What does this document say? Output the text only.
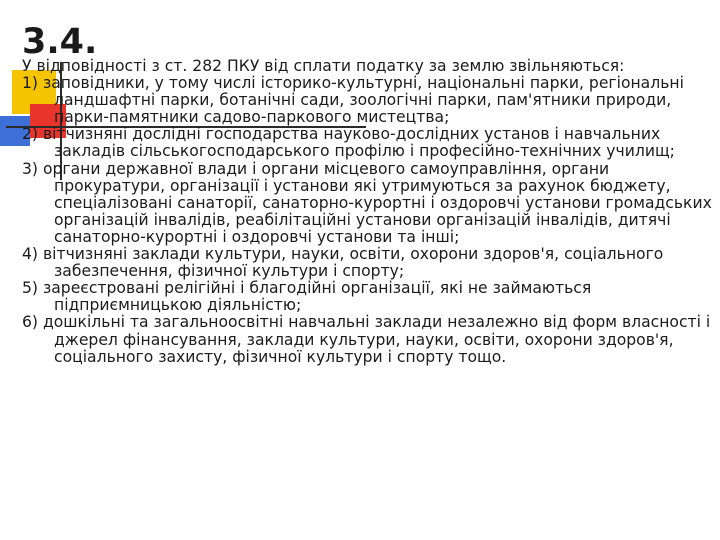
3.4.

У відповідності з ст. 282 ПКУ від сплати податку за землю звільняються:

1) заповідники, у тому числі історико-культурні, національні парки, регіональні ландшафтні парки, ботанічні сади, зоологічні парки, пам'ятники природи, парки-памятники садово-паркового мистецтва;
2) вітчизняні дослідні господарства науково-дослідних установ і навчальних закладів сільськогосподарського профілю і професійно-технічних училищ;
3) органи державної влади і органи місцевого самоуправління, органи прокуратури, організації і установи які утримуються за рахунок бюджету, спеціалізовані санаторії, санаторно-курортні і оздоровчі установи громадських організацій інвалідів, реабілітаційні установи організацій інвалідів, дитячі санаторно-курортні і оздоровчі установи та інші;
4) вітчизняні заклади культури, науки, освіти, охорони здоров'я, соціального забезпечення, фізичної культури і спорту;
5) зареєстровані релігійні і благодійні організації, які не займаються підприємницькою діяльністю;
6) дошкільні та загальноосвітні навчальні заклади незалежно від форм власності і джерел фінансування, заклади культури, науки, освіти, охорони здоров'я, соціального захисту, фізичної культури і спорту тощо.
